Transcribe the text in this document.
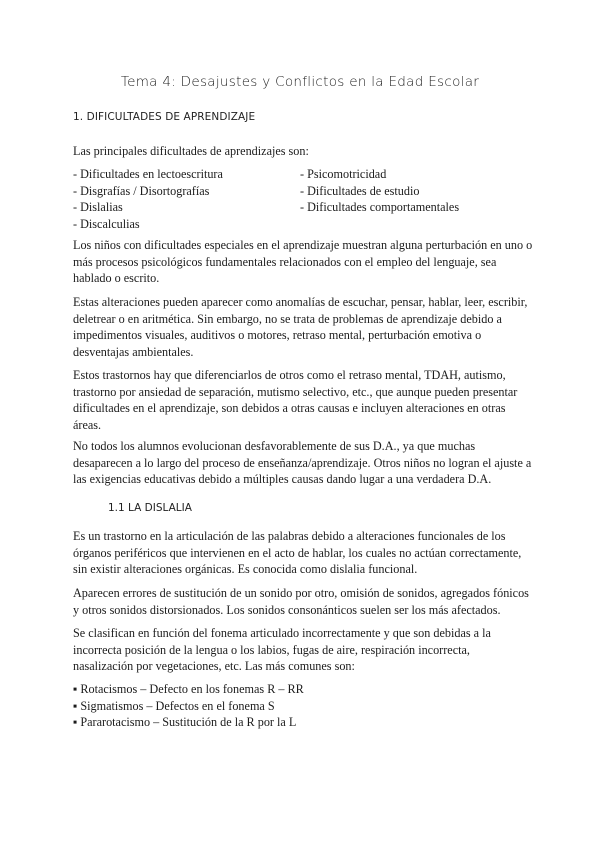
Tema 4: Desajustes y Conflictos en la Edad Escolar
1. DIFICULTADES DE APRENDIZAJE
Las principales dificultades de aprendizajes son:
- Dificultades en lectoescritura
- Disgrafías / Disortografías
- Dislalias
- Discalculias
- Psicomotricidad
- Dificultades de estudio
- Dificultades comportamentales
Los niños con dificultades especiales en el aprendizaje muestran alguna perturbación en uno o más procesos psicológicos fundamentales relacionados con el empleo del lenguaje, sea hablado o escrito.
Estas alteraciones pueden aparecer como anomalías de escuchar, pensar, hablar, leer, escribir, deletrear o en aritmética. Sin embargo, no se trata de problemas de aprendizaje debido a impedimentos visuales, auditivos o motores, retraso mental, perturbación emotiva o desventajas ambientales.
Estos trastornos hay que diferenciarlos de otros como el retraso mental, TDAH, autismo, trastorno por ansiedad de separación, mutismo selectivo, etc., que aunque pueden presentar dificultades en el aprendizaje, son debidos a otras causas e incluyen alteraciones en otras áreas.
No todos los alumnos evolucionan desfavorablemente de sus D.A., ya que muchas desaparecen a lo largo del proceso de enseñanza/aprendizaje. Otros niños no logran el ajuste a las exigencias educativas debido a múltiples causas dando lugar a una verdadera D.A.
1.1 LA DISLALIA
Es un trastorno en la articulación de las palabras debido a alteraciones funcionales de los órganos periféricos que intervienen en el acto de hablar, los cuales no actúan correctamente, sin existir alteraciones orgánicas. Es conocida como dislalia funcional.
Aparecen errores de sustitución de un sonido por otro, omisión de sonidos, agregados fónicos y otros sonidos distorsionados. Los sonidos consonánticos suelen ser los más afectados.
Se clasifican en función del fonema articulado incorrectamente y que son debidas a la incorrecta posición de la lengua o los labios, fugas de aire, respiración incorrecta, nasalización por vegetaciones, etc. Las más comunes son:
▪ Rotacismos – Defecto en los fonemas R – RR
▪ Sigmatismos – Defectos en el fonema S
▪ Pararotacismo – Sustitución de la R por la L
